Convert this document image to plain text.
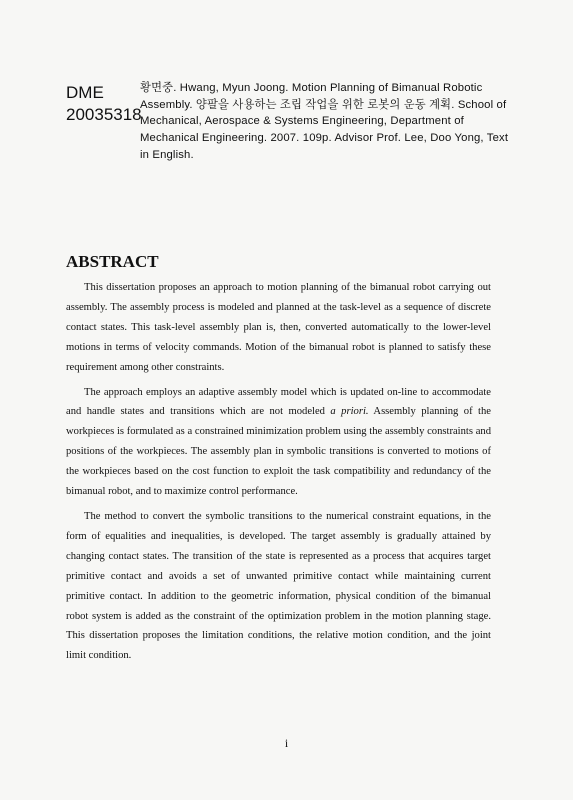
DME
20035318
황면중. Hwang, Myun Joong. Motion Planning of Bimanual Robotic Assembly. 양팔을 사용하는 조립 작업을 위한 로봇의 운동 계획. School of Mechanical, Aerospace & Systems Engineering, Department of Mechanical Engineering. 2007. 109p. Advisor Prof. Lee, Doo Yong, Text in English.
ABSTRACT

This dissertation proposes an approach to motion planning of the bimanual robot carrying out assembly. The assembly process is modeled and planned at the task-level as a sequence of discrete contact states. This task-level assembly plan is, then, converted automatically to the lower-level motions in terms of velocity commands. Motion of the bimanual robot is planned to satisfy these requirement among other constraints.

The approach employs an adaptive assembly model which is updated on-line to accommodate and handle states and transitions which are not modeled a priori. Assembly planning of the workpieces is formulated as a constrained minimization problem using the assembly constraints and positions of the workpieces. The assembly plan in symbolic transitions is converted to motions of the workpieces based on the cost function to exploit the task compatibility and redundancy of the bimanual robot, and to maximize control performance.

The method to convert the symbolic transitions to the numerical constraint equations, in the form of equalities and inequalities, is developed. The target assembly is gradually attained by changing contact states. The transition of the state is represented as a process that acquires target primitive contact and avoids a set of unwanted primitive contact while maintaining current primitive contact. In addition to the geometric information, physical condition of the bimanual robot system is added as the constraint of the optimization problem in the motion planning stage. This dissertation proposes the limitation conditions, the relative motion condition, and the joint limit condition.

i
